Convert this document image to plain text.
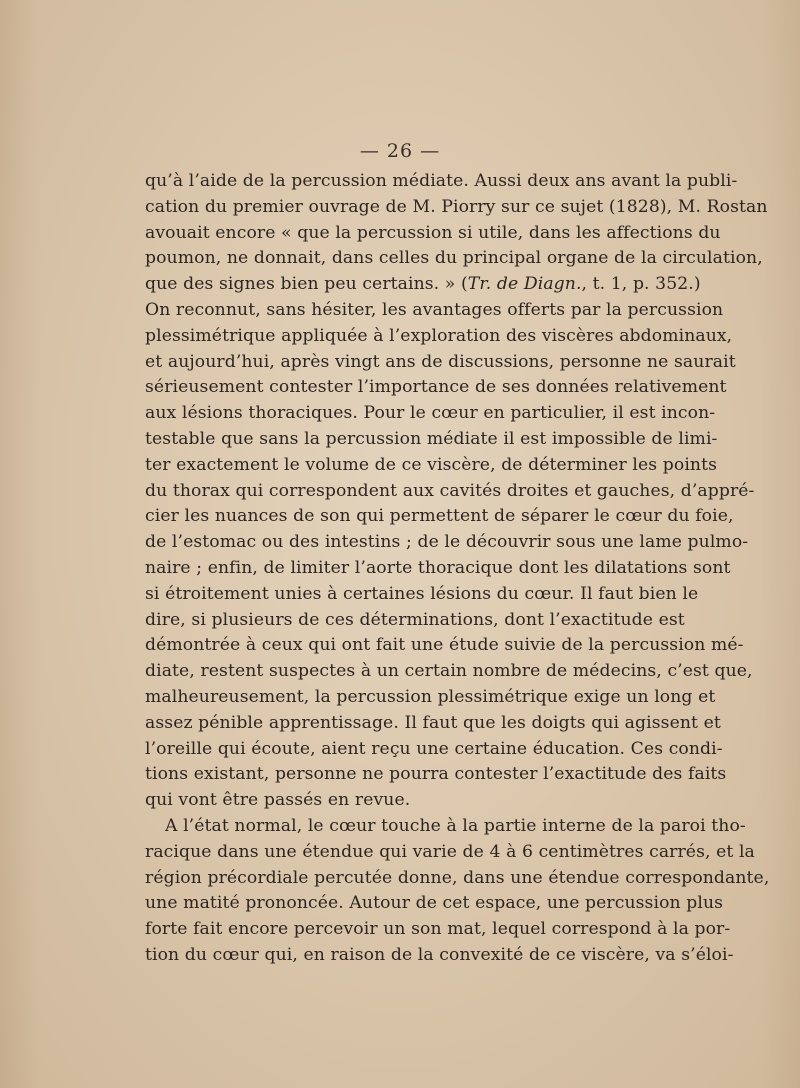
— 26 —
qu’à l’aide de la percussion médiate. Aussi deux ans avant la publi-
cation du premier ouvrage de M. Piorry sur ce sujet (1828), M. Rostan
avouait encore « que la percussion si utile, dans les affections du
poumon, ne donnait, dans celles du principal organe de la circulation,
que des signes bien peu certains. » (Tr. de Diagn., t. 1, p. 352.)
On reconnut, sans hésiter, les avantages offerts par la percussion
plessimétrique appliquée à l’exploration des viscères abdominaux,
et aujourd’hui, après vingt ans de discussions, personne ne saurait
sérieusement contester l’importance de ses données relativement
aux lésions thoraciques. Pour le cœur en particulier, il est incon-
testable que sans la percussion médiate il est impossible de limi-
ter exactement le volume de ce viscère, de déterminer les points
du thorax qui correspondent aux cavités droites et gauches, d’appré-
cier les nuances de son qui permettent de séparer le cœur du foie,
de l’estomac ou des intestins ; de le découvrir sous une lame pulmo-
naire ; enfin, de limiter l’aorte thoracique dont les dilatations sont
si étroitement unies à certaines lésions du cœur. Il faut bien le
dire, si plusieurs de ces déterminations, dont l’exactitude est
démontrée à ceux qui ont fait une étude suivie de la percussion mé-
diate, restent suspectes à un certain nombre de médecins, c’est que,
malheureusement, la percussion plessimétrique exige un long et
assez pénible apprentissage. Il faut que les doigts qui agissent et
l’oreille qui écoute, aient reçu une certaine éducation. Ces condi-
tions existant, personne ne pourra contester l’exactitude des faits
qui vont être passés en revue.
A l’état normal, le cœur touche à la partie interne de la paroi tho-
racique dans une étendue qui varie de 4 à 6 centimètres carrés, et la
région précordiale percutée donne, dans une étendue correspondante,
une matité prononcée. Autour de cet espace, une percussion plus
forte fait encore percevoir un son mat, lequel correspond à la por-
tion du cœur qui, en raison de la convexité de ce viscère, va s’éloi-
